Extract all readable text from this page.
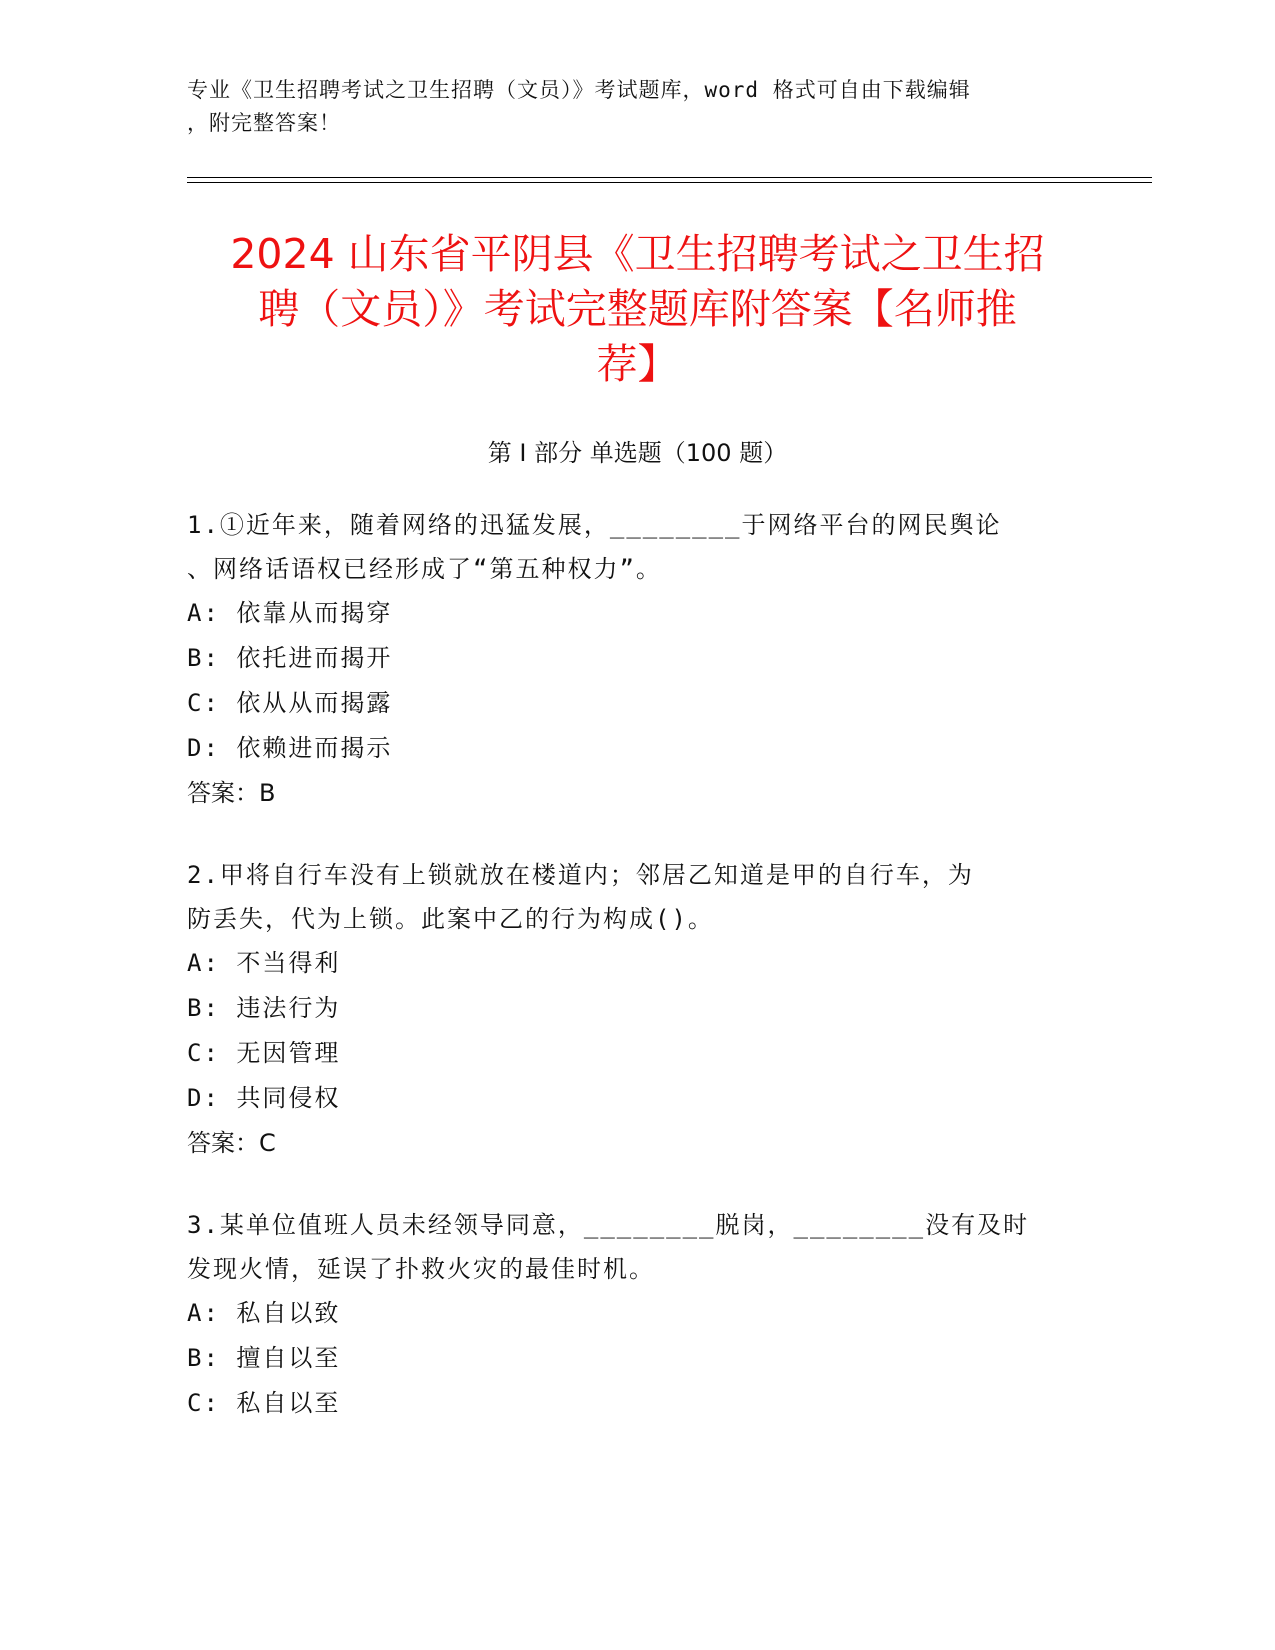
专业《卫生招聘考试之卫生招聘（文员）》考试题库，word 格式可自由下载编辑
，附完整答案！
2024 山东省平阴县《卫生招聘考试之卫生招
聘（文员）》考试完整题库附答案【名师推
荐】
第 I 部分 单选题（100 题）
1.①近年来，随着网络的迅猛发展，________于网络平台的网民舆论
、网络话语权已经形成了“第五种权力”。
A: 依靠从而揭穿
B: 依托进而揭开
C: 依从从而揭露
D: 依赖进而揭示
答案：B
2.甲将自行车没有上锁就放在楼道内；邻居乙知道是甲的自行车，为
防丢失，代为上锁。此案中乙的行为构成()。
A: 不当得利
B: 违法行为
C: 无因管理
D: 共同侵权
答案：C
3.某单位值班人员未经领导同意，________脱岗，________没有及时
发现火情，延误了扑救火灾的最佳时机。
A: 私自以致
B: 擅自以至
C: 私自以至
